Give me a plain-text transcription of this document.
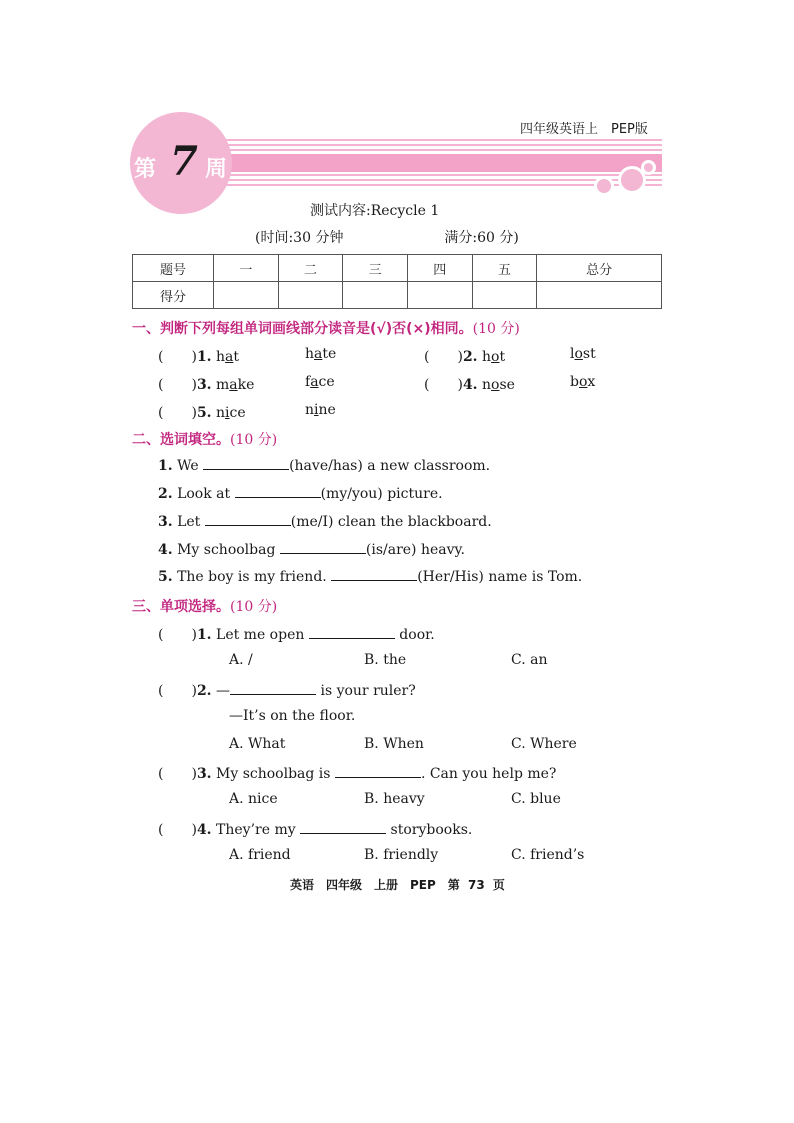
四年级英语上　PEP版
第 7 周
测试内容:Recycle 1
(时间:30 分钟	满分:60 分)
题号	一	二	三	四	五	总分
得分						
一、判断下列每组单词画线部分读音是(√)否(×)相同。(10 分)
(　　)1. hat	hate	(　　)2. hot	lost
(　　)3. make	face	(　　)4. nose	box
(　　)5. nice	nine
二、选词填空。(10 分)
1. We	(have/has) a new classroom.
2. Look at	(my/you) picture.
3. Let	(me/I) clean the blackboard.
4. My schoolbag	(is/are) heavy.
5. The boy is my friend.	(Her/His) name is Tom.
三、单项选择。(10 分)
(　　)1. Let me open	door.
A. /	B. the	C. an
(　　)2. —	is your ruler?
—It’s on the floor.
A. What	B. When	C. Where
(　　)3. My schoolbag is	. Can you help me?
A. nice	B. heavy	C. blue
(　　)4. They’re my	storybooks.
A. friend	B. friendly	C. friend’s
英语　四年级　上册　PEP　第 73 页
